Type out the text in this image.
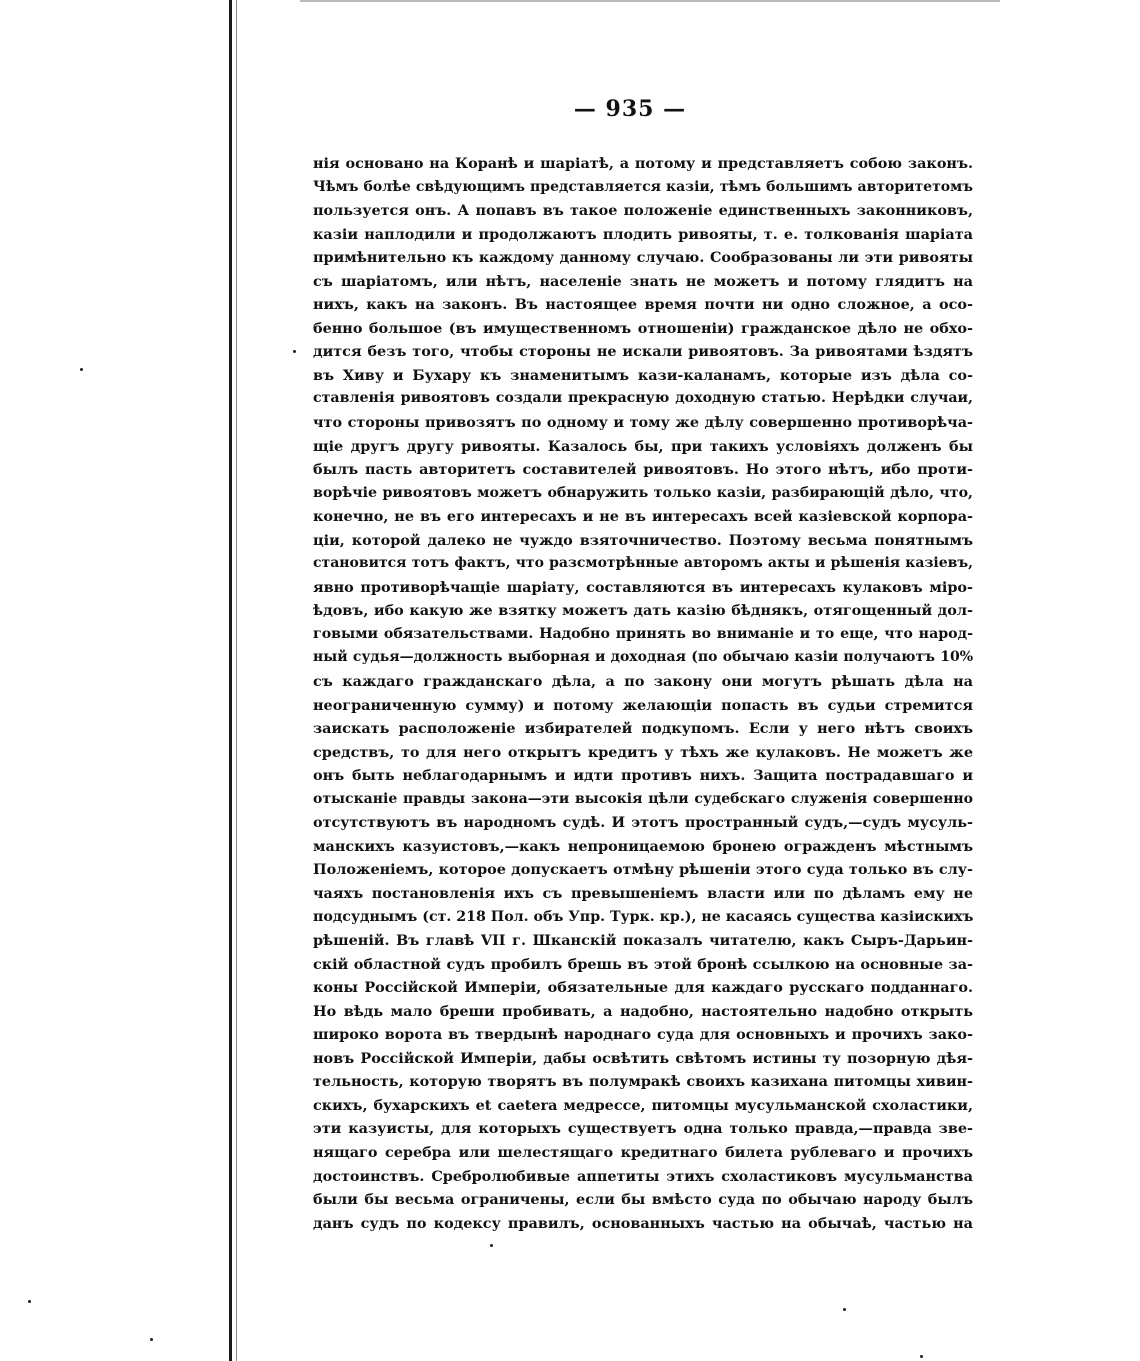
— 935 —
нія основано на Коранѣ и шаріатѣ, а потому и представляетъ собою законъ.
Чѣмъ болѣе свѣдующимъ представляется казіи, тѣмъ большимъ авторитетомъ
пользуется онъ. А попавъ въ такое положеніе единственныхъ законниковъ,
казіи наплодили и продолжаютъ плодить ривояты, т. е. толкованія шаріата
примѣнительно къ каждому данному случаю. Сообразованы ли эти ривояты
съ шаріатомъ, или нѣтъ, населеніе знать не можетъ и потому глядитъ на
нихъ, какъ на законъ. Въ настоящее время почти ни одно сложное, а осо-
бенно большое (въ имущественномъ отношеніи) гражданское дѣло не обхо-
дится безъ того, чтобы стороны не искали ривоятовъ. За ривоятами ѣздятъ
въ Хиву и Бухару къ знаменитымъ кази-каланамъ, которые изъ дѣла со-
ставленія ривоятовъ создали прекрасную доходную статью. Нерѣдки случаи,
что стороны привозятъ по одному и тому же дѣлу совершенно противорѣча-
щіе другъ другу ривояты. Казалось бы, при такихъ условіяхъ долженъ бы
былъ пасть авторитетъ составителей ривоятовъ. Но этого нѣтъ, ибо проти-
ворѣчіе ривоятовъ можетъ обнаружить только казіи, разбирающій дѣло, что,
конечно, не въ его интересахъ и не въ интересахъ всей казіевской корпора-
ціи, которой далеко не чуждо взяточничество. Поэтому весьма понятнымъ
становится тотъ фактъ, что разсмотрѣнные авторомъ акты и рѣшенія казіевъ,
явно противорѣчащіе шаріату, составляются въ интересахъ кулаковъ міро-
ѣдовъ, ибо какую же взятку можетъ дать казію бѣднякъ, отягощенный дол-
говыми обязательствами. Надобно принять во вниманіе и то еще, что народ-
ный судья—должность выборная и доходная (по обычаю казіи получаютъ 10%
съ каждаго гражданскаго дѣла, а по закону они могутъ рѣшать дѣла на
неограниченную сумму) и потому желающіи попасть въ судьи стремится
заискать расположеніе избирателей подкупомъ. Если у него нѣтъ своихъ
средствъ, то для него открытъ кредитъ у тѣхъ же кулаковъ. Не можетъ же
онъ быть неблагодарнымъ и идти противъ нихъ. Защита пострадавшаго и
отысканіе правды закона—эти высокія цѣли судебскаго служенія совершенно
отсутствуютъ въ народномъ судѣ. И этотъ пространный судъ,—судъ мусуль-
манскихъ казуистовъ,—какъ непроницаемою бронею огражденъ мѣстнымъ
Положеніемъ, которое допускаетъ отмѣну рѣшеніи этого суда только въ слу-
чаяхъ постановленія ихъ съ превышеніемъ власти или по дѣламъ ему не
подсуднымъ (ст. 218 Пол. объ Упр. Турк. кр.), не касаясь существа казіискихъ
рѣшеній. Въ главѣ VII г. Шканскій показалъ читателю, какъ Сыръ-Дарьин-
скій областной судъ пробилъ брешь въ этой бронѣ ссылкою на основные за-
коны Россійской Имперіи, обязательные для каждаго русскаго подданнаго.
Но вѣдь мало бреши пробивать, а надобно, настоятельно надобно открыть
широко ворота въ твердынѣ народнаго суда для основныхъ и прочихъ зако-
новъ Россійской Имперіи, дабы освѣтить свѣтомъ истины ту позорную дѣя-
тельность, которую творятъ въ полумракѣ своихъ казихана питомцы хивин-
скихъ, бухарскихъ et caetera медрессе, питомцы мусульманской схоластики,
эти казуисты, для которыхъ существуетъ одна только правда,—правда зве-
нящаго серебра или шелестящаго кредитнаго билета рублеваго и прочихъ
достоинствъ. Сребролюбивые аппетиты этихъ схоластиковъ мусульманства
были бы весьма ограничены, если бы вмѣсто суда по обычаю народу былъ
данъ судъ по кодексу правилъ, основанныхъ частью на обычаѣ, частью на
